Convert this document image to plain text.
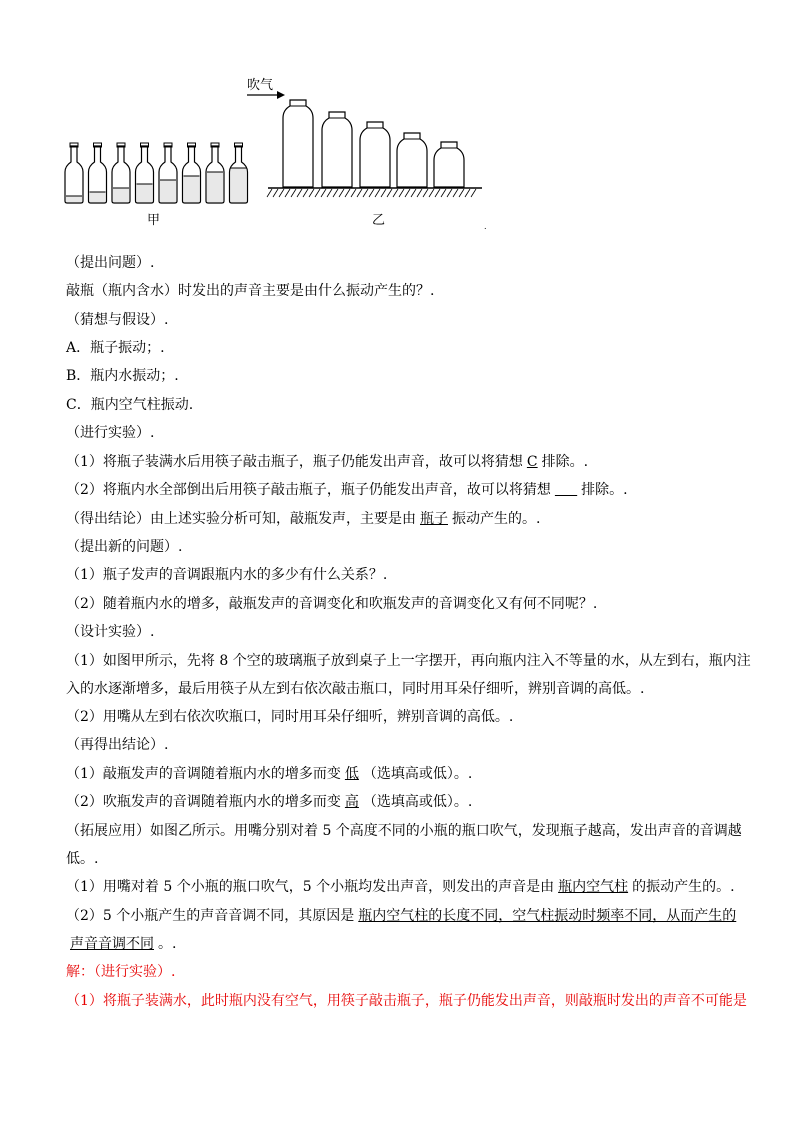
甲
吹气
乙	.
（提出问题）.
敲瓶（瓶内含水）时发出的声音主要是由什么振动产生的？.
（猜想与假设）.
A．瓶子振动；.
B．瓶内水振动；.
C．瓶内空气柱振动.
（进行实验）.
（1）将瓶子装满水后用筷子敲击瓶子，瓶子仍能发出声音，故可以将猜想 C 排除。.
（2）将瓶内水全部倒出后用筷子敲击瓶子，瓶子仍能发出声音，故可以将猜想 排除。.
（得出结论）由上述实验分析可知，敲瓶发声，主要是由 瓶子 振动产生的。.
（提出新的问题）.
（1）瓶子发声的音调跟瓶内水的多少有什么关系？.
（2）随着瓶内水的增多，敲瓶发声的音调变化和吹瓶发声的音调变化又有何不同呢？.
（设计实验）.
（1）如图甲所示，先将 8 个空的玻璃瓶子放到桌子上一字摆开，再向瓶内注入不等量的水，从左到右，瓶内注
入的水逐渐增多，最后用筷子从左到右依次敲击瓶口，同时用耳朵仔细听，辨别音调的高低。.
（2）用嘴从左到右依次吹瓶口，同时用耳朵仔细听，辨别音调的高低。.
（再得出结论）.
（1）敲瓶发声的音调随着瓶内水的增多而变 低 （选填高或低）。.
（2）吹瓶发声的音调随着瓶内水的增多而变 高 （选填高或低）。.
（拓展应用）如图乙所示。用嘴分别对着 5 个高度不同的小瓶的瓶口吹气，发现瓶子越高，发出声音的音调越
低。.
（1）用嘴对着 5 个小瓶的瓶口吹气，5 个小瓶均发出声音，则发出的声音是由 瓶内空气柱 的振动产生的。.
（2）5 个小瓶产生的声音音调不同，其原因是 瓶内空气柱的长度不同，空气柱振动时频率不同，从而产生的
声音音调不同 。.
解：（进行实验）.
（1）将瓶子装满水，此时瓶内没有空气，用筷子敲击瓶子，瓶子仍能发出声音，则敲瓶时发出的声音不可能是
